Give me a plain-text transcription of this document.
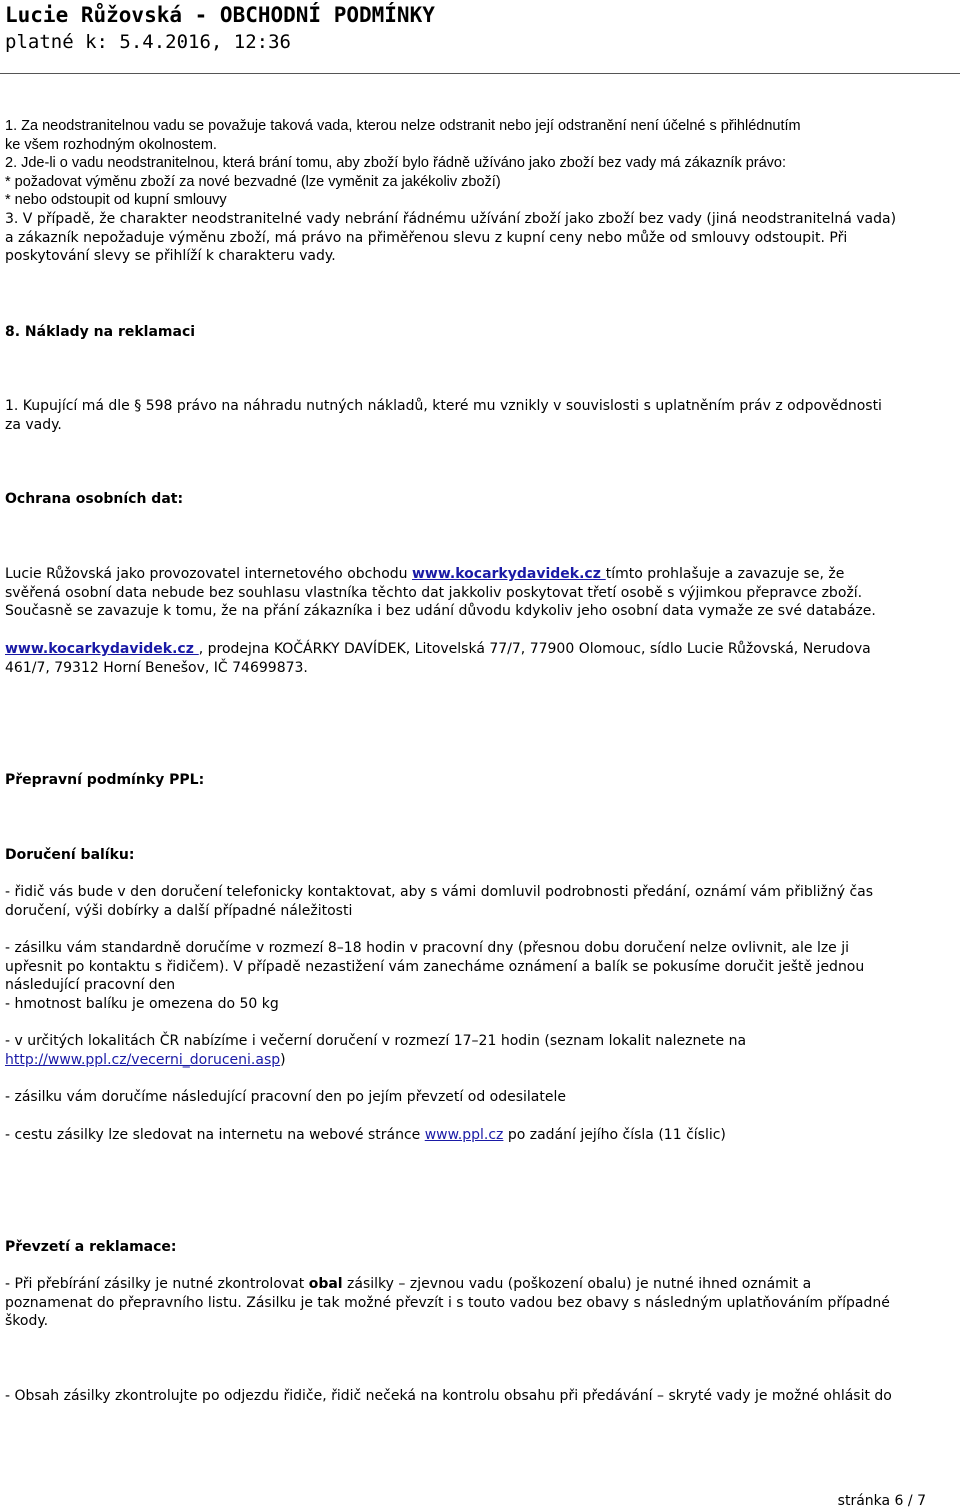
Lucie Růžovská - OBCHODNÍ PODMÍNKY
platné k: 5.4.2016, 12:36
1. Za neodstranitelnou vadu se považuje taková vada, kterou nelze odstranit nebo její odstranění není účelné s přihlédnutím
ke všem rozhodným okolnostem.
2. Jde-li o vadu neodstranitelnou, která brání tomu, aby zboží bylo řádně užíváno jako zboží bez vady má zákazník právo:
* požadovat výměnu zboží za nové bezvadné (lze vyměnit za jakékoliv zboží)
* nebo odstoupit od kupní smlouvy
3. V případě, že charakter neodstranitelné vady nebrání řádnému užívání zboží jako zboží bez vady (jiná neodstranitelná vada)
a zákazník nepožaduje výměnu zboží, má právo na přiměřenou slevu z kupní ceny nebo může od smlouvy odstoupit. Při
poskytování slevy se přihlíží k charakteru vady.
8. Náklady na reklamaci
1. Kupující má dle § 598 právo na náhradu nutných nákladů, které mu vznikly v souvislosti s uplatněním práv z odpovědnosti
za vady.
Ochrana osobních dat:
Lucie Růžovská jako provozovatel internetového obchodu www.kocarkydavidek.cz tímto prohlašuje a zavazuje se, že
svěřená osobní data nebude bez souhlasu vlastníka těchto dat jakkoliv poskytovat třetí osobě s výjimkou přepravce zboží.
Současně se zavazuje k tomu, že na přání zákazníka i bez udání důvodu kdykoliv jeho osobní data vymaže ze své databáze.
www.kocarkydavidek.cz , prodejna KOČÁRKY DAVÍDEK, Litovelská 77/7, 77900 Olomouc, sídlo Lucie Růžovská, Nerudova
461/7, 79312 Horní Benešov, IČ 74699873.
Přepravní podmínky PPL:
Doručení balíku:
- řidič vás bude v den doručení telefonicky kontaktovat, aby s vámi domluvil podrobnosti předání, oznámí vám přibližný čas
doručení, výši dobírky a další případné náležitosti
- zásilku vám standardně doručíme v rozmezí 8–18 hodin v pracovní dny (přesnou dobu doručení nelze ovlivnit, ale lze ji
upřesnit po kontaktu s řidičem). V případě nezastižení vám zanecháme oznámení a balík se pokusíme doručit ještě jednou
následující pracovní den
- hmotnost balíku je omezena do 50 kg
- v určitých lokalitách ČR nabízíme i večerní doručení v rozmezí 17–21 hodin (seznam lokalit naleznete na
http://www.ppl.cz/vecerni_doruceni.asp)
- zásilku vám doručíme následující pracovní den po jejím převzetí od odesilatele
- cestu zásilky lze sledovat na internetu na webové stránce www.ppl.cz po zadání jejího čísla (11 číslic)
Převzetí a reklamace:
- Při přebírání zásilky je nutné zkontrolovat obal zásilky – zjevnou vadu (poškození obalu) je nutné ihned oznámit a
poznamenat do přepravního listu. Zásilku je tak možné převzít i s touto vadou bez obavy s následným uplatňováním případné
škody.
- Obsah zásilky zkontrolujte po odjezdu řidiče, řidič nečeká na kontrolu obsahu při předávání – skryté vady je možné ohlásit do
stránka 6 / 7
